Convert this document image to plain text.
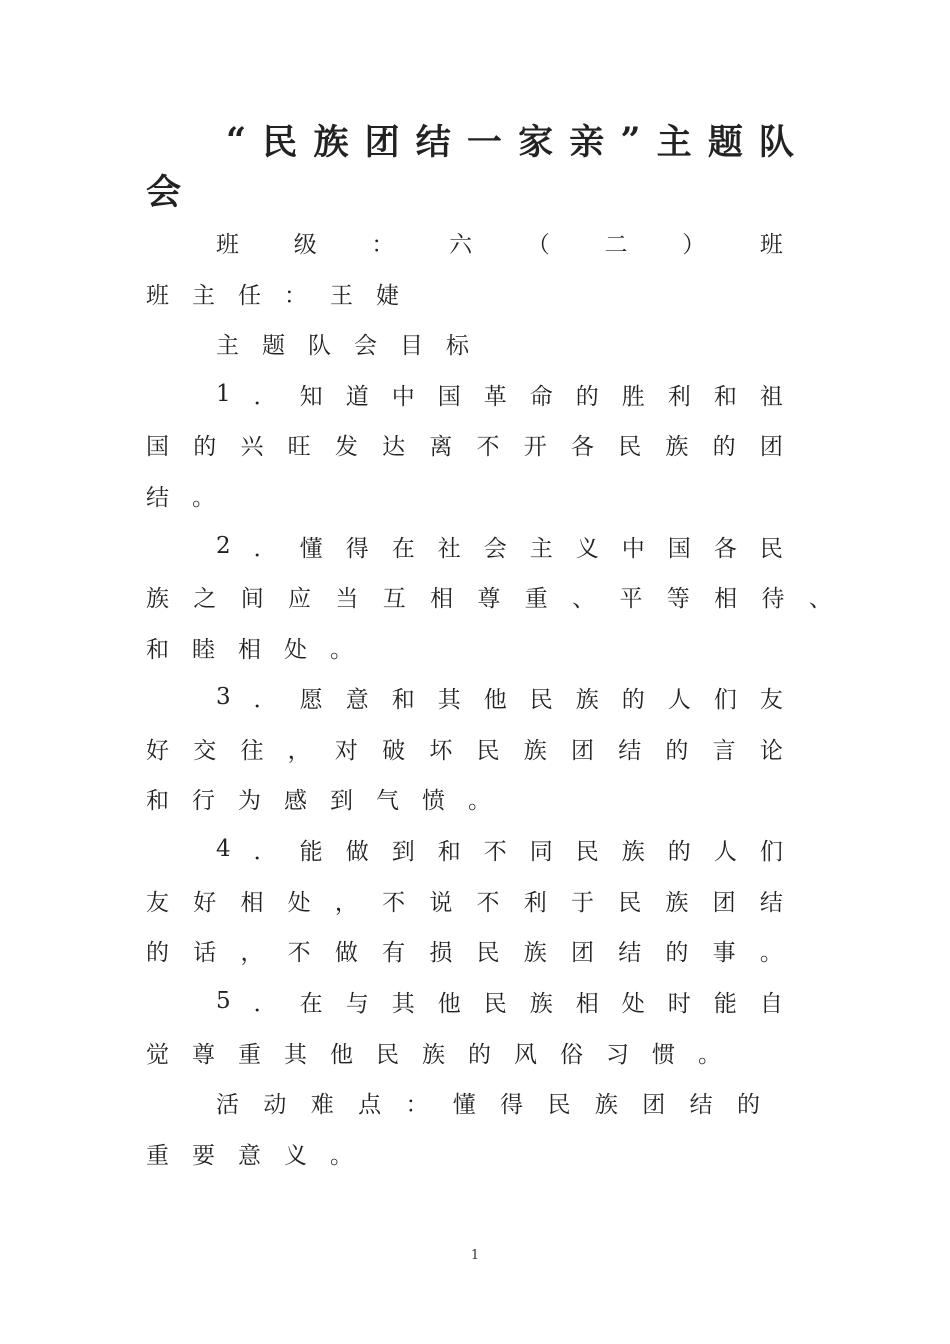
“ 民 族 团 结 一 家 亲 ” 主 题 队
会
班 级 ： 六 （ 二 ） 班
班 主 任 ： 王 婕
主 题 队 会 目 标
1 ． 知 道 中 国 革 命 的 胜 利 和 祖
国 的 兴 旺 发 达 离 不 开 各 民 族 的 团
结 。
2 ． 懂 得 在 社 会 主 义 中 国 各 民
族 之 间 应 当 互 相 尊 重 、 平 等 相 待 、
和 睦 相 处 。
3 ． 愿 意 和 其 他 民 族 的 人 们 友
好 交 往 ， 对 破 坏 民 族 团 结 的 言 论
和 行 为 感 到 气 愤 。
4 ． 能 做 到 和 不 同 民 族 的 人 们
友 好 相 处 ， 不 说 不 利 于 民 族 团 结
的 话 ， 不 做 有 损 民 族 团 结 的 事 。
5 ． 在 与 其 他 民 族 相 处 时 能 自
觉 尊 重 其 他 民 族 的 风 俗 习 惯 。
活 动 难 点 ： 懂 得 民 族 团 结 的
重 要 意 义 。
1
